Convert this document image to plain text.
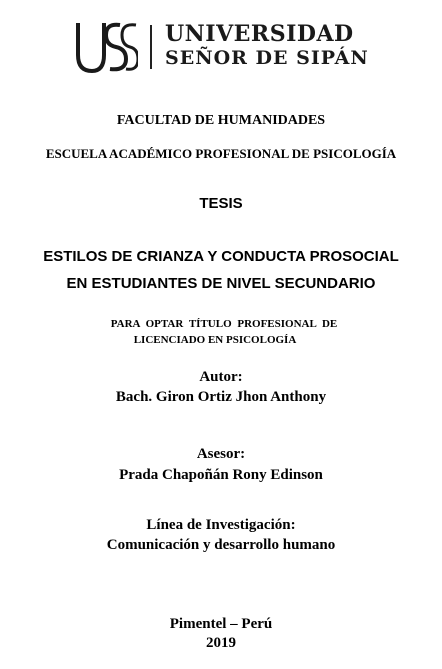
UNIVERSIDAD
SEÑOR DE SIPÁN
FACULTAD DE HUMANIDADES
ESCUELA ACADÉMICO PROFESIONAL DE PSICOLOGÍA
TESIS
ESTILOS DE CRIANZA Y CONDUCTA PROSOCIAL
EN ESTUDIANTES DE NIVEL SECUNDARIO
PARA OPTAR TÍTULO PROFESIONAL DE
LICENCIADO EN PSICOLOGÍA
Autor:
Bach. Giron Ortiz Jhon Anthony
Asesor:
Prada Chapoñán Rony Edinson
Línea de Investigación:
Comunicación y desarrollo humano
Pimentel – Perú
2019
